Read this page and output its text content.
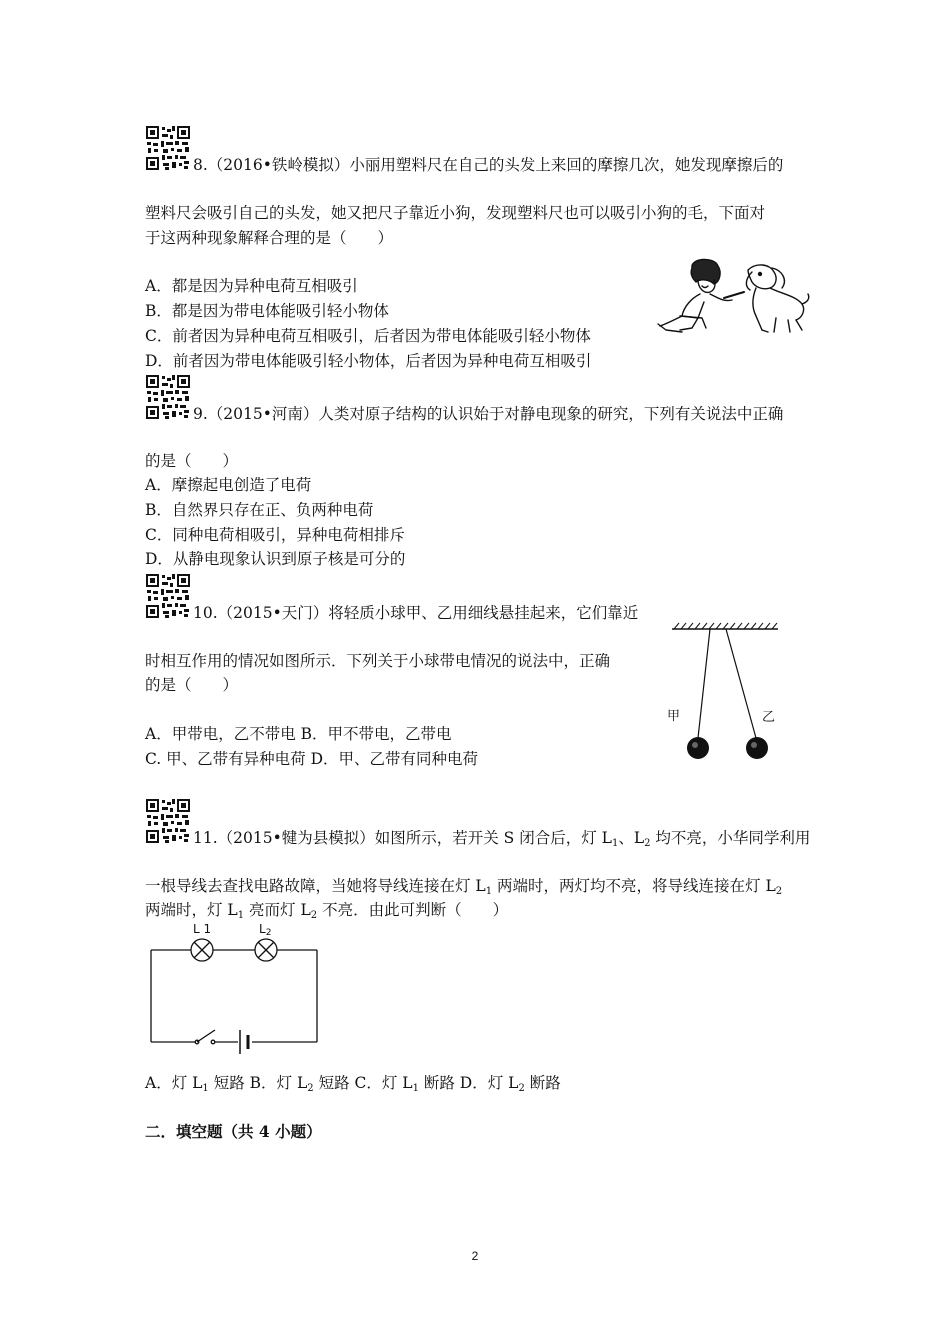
8.（2016•铁岭模拟）小丽用塑料尺在自己的头发上来回的摩擦几次，她发现摩擦后的
塑料尺会吸引自己的头发，她又把尺子靠近小狗，发现塑料尺也可以吸引小狗的毛，下面对
于这两种现象解释合理的是（　　）
A．都是因为异种电荷互相吸引
B．都是因为带电体能吸引轻小物体
C．前者因为异种电荷互相吸引，后者因为带电体能吸引轻小物体
D．前者因为带电体能吸引轻小物体，后者因为异种电荷互相吸引
9.（2015•河南）人类对原子结构的认识始于对静电现象的研究，下列有关说法中正确
的是（　　）
A．摩擦起电创造了电荷
B．自然界只存在正、负两种电荷
C．同种电荷相吸引，异种电荷相排斥
D．从静电现象认识到原子核是可分的
10.（2015•天门）将轻质小球甲、乙用细线悬挂起来，它们靠近
时相互作用的情况如图所示．下列关于小球带电情况的说法中，正确
的是（　　）
A．甲带电，乙不带电 B．甲不带电，乙带电
C. 甲、乙带有异种电荷 D．甲、乙带有同种电荷
甲	乙
11.（2015•犍为县模拟）如图所示，若开关 S 闭合后，灯 $L_1$、$L_2$ 均不亮，小华同学利用
一根导线去查找电路故障，当她将导线连接在灯 $L_1$ 两端时，两灯均不亮，将导线连接在灯 $L_2$
两端时，灯 $L_1$ 亮而灯 $L_2$ 不亮．由此可判断（　　）
L 1	L2
A．灯 $L_1$ 短路 B．灯 $L_2$ 短路 C．灯 $L_1$ 断路 D．灯 $L_2$ 断路
二．填空题（共 4 小题）
2
